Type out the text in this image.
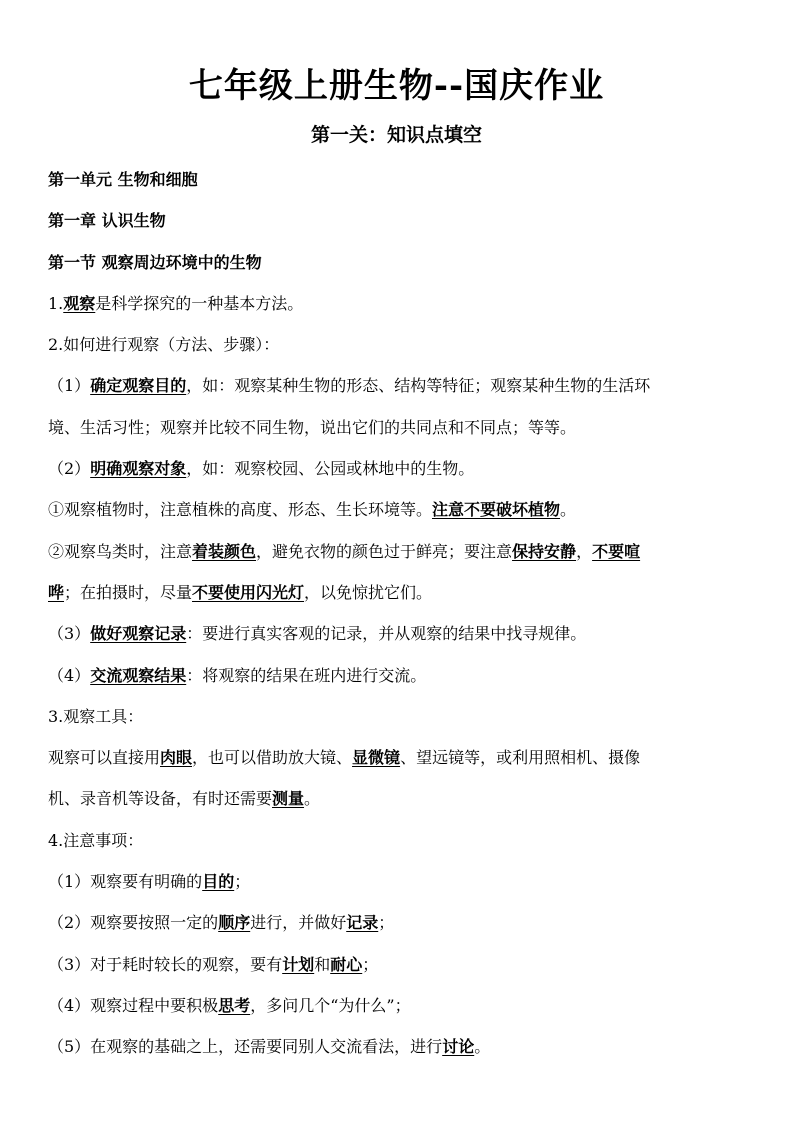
七年级上册生物--国庆作业
第一关：知识点填空
第一单元 生物和细胞
第一章 认识生物
第一节 观察周边环境中的生物
1.观察是科学探究的一种基本方法。
2.如何进行观察（方法、步骤）：
（1）确定观察目的，如：观察某种生物的形态、结构等特征；观察某种生物的生活环
境、生活习性；观察并比较不同生物，说出它们的共同点和不同点；等等。
（2）明确观察对象，如：观察校园、公园或林地中的生物。
①观察植物时，注意植株的高度、形态、生长环境等。注意不要破坏植物。
②观察鸟类时，注意着装颜色，避免衣物的颜色过于鲜亮；要注意保持安静，不要喧
哗；在拍摄时，尽量不要使用闪光灯，以免惊扰它们。
（3）做好观察记录：要进行真实客观的记录，并从观察的结果中找寻规律。
（4）交流观察结果：将观察的结果在班内进行交流。
3.观察工具：
观察可以直接用肉眼，也可以借助放大镜、显微镜、望远镜等，或利用照相机、摄像
机、录音机等设备，有时还需要测量。
4.注意事项：
（1）观察要有明确的目的；
（2）观察要按照一定的顺序进行，并做好记录；
（3）对于耗时较长的观察，要有计划和耐心；
（4）观察过程中要积极思考，多问几个“为什么”；
（5）在观察的基础之上，还需要同别人交流看法，进行讨论。
